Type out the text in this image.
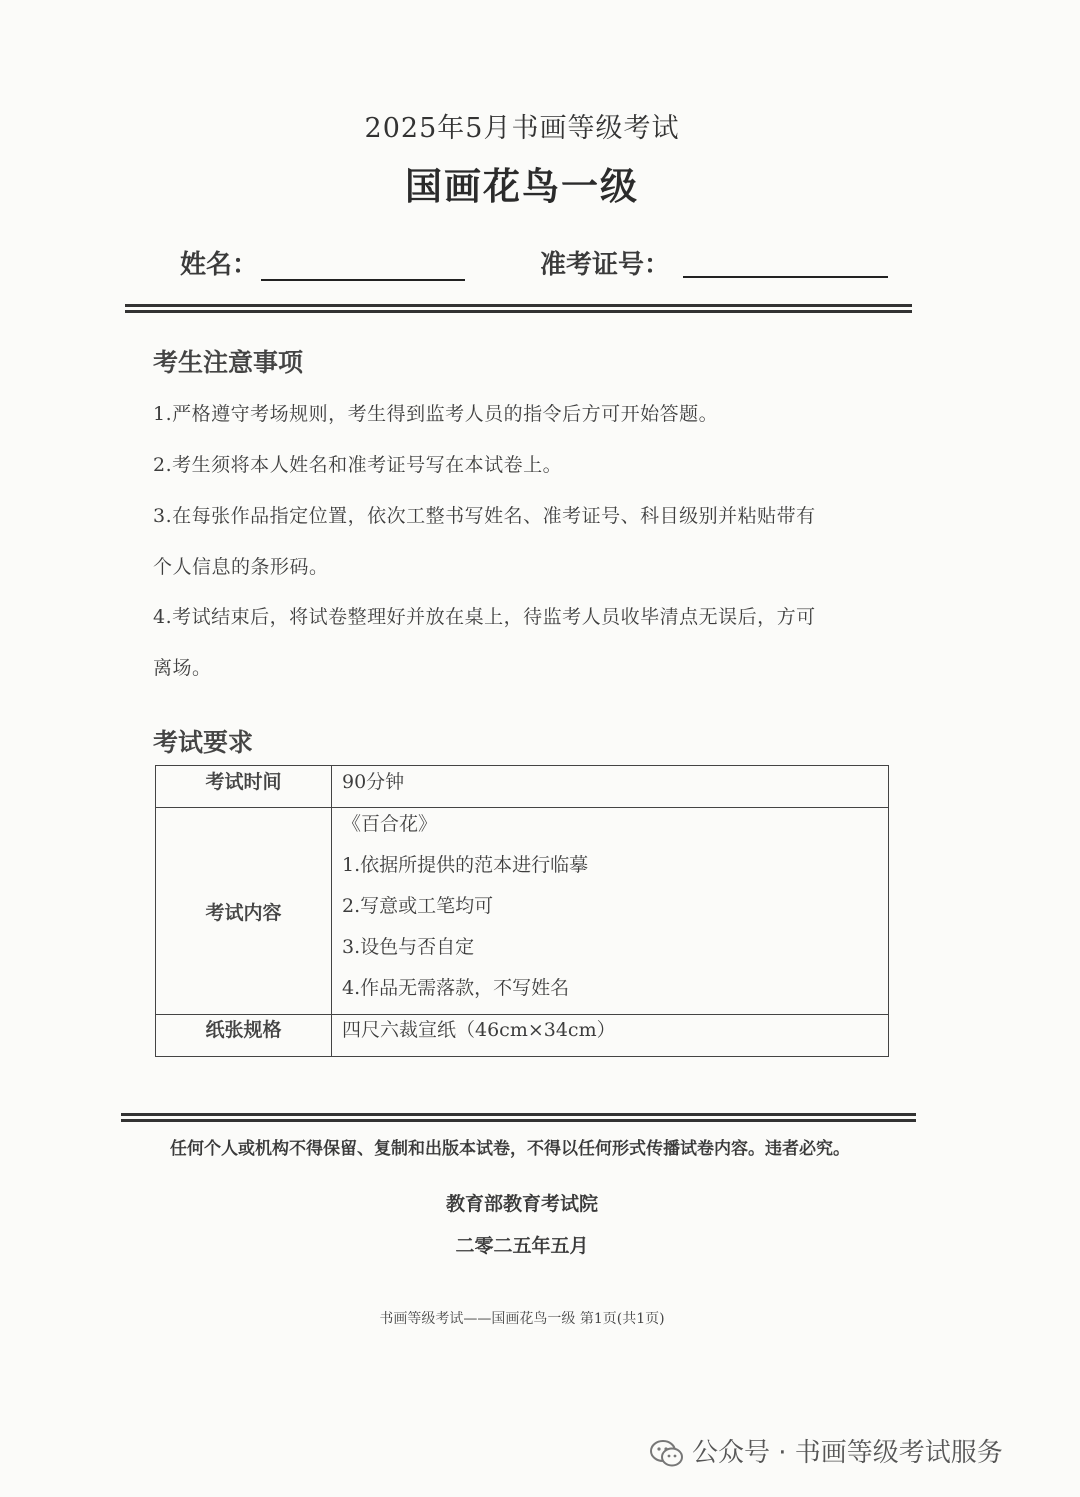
2025年5月书画等级考试
国画花鸟一级
姓名：	准考证号：
考生注意事项
1.严格遵守考场规则，考生得到监考人员的指令后方可开始答题。
2.考生须将本人姓名和准考证号写在本试卷上。
3.在每张作品指定位置，依次工整书写姓名、准考证号、科目级别并粘贴带有
个人信息的条形码。
4.考试结束后，将试卷整理好并放在桌上，待监考人员收毕清点无误后，方可
离场。
考试要求
考试时间	90分钟

考试内容	《百合花》
1.依据所提供的范本进行临摹
2.写意或工笔均可
3.设色与否自定
4.作品无需落款，不写姓名

纸张规格	四尺六裁宣纸（46cm×34cm）
任何个人或机构不得保留、复制和出版本试卷，不得以任何形式传播试卷内容。违者必究。
教育部教育考试院
二零二五年五月
书画等级考试——国画花鸟一级 第1页(共1页)
公众号 · 书画等级考试服务
